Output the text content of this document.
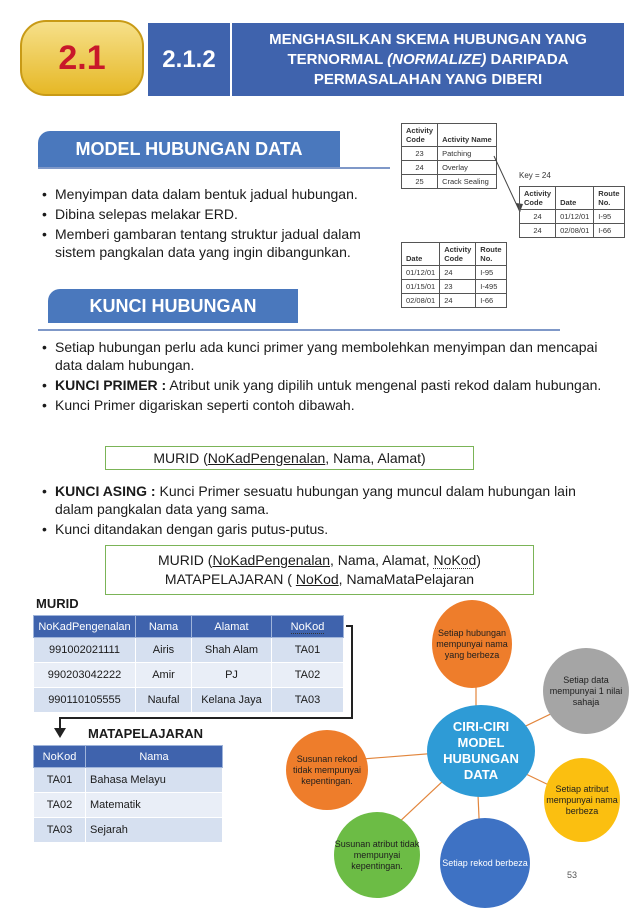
2.1	2.1.2
MENGHASILKAN SKEMA HUBUNGAN YANG TERNORMAL (NORMALIZE) DARIPADA PERMASALAHAN YANG DIBERI
MODEL HUBUNGAN DATA
• Menyimpan data dalam bentuk jadual hubungan.
• Dibina selepas melakar ERD.
• Memberi gambaran tentang struktur jadual dalam sistem pangkalan data yang ingin dibangunkan.
Activity Code	Activity Name
23	Patching
24	Overlay
25	Crack Sealing
Key = 24
Activity Code	Date	Route No.
24	01/12/01	I-95
24	02/08/01	I-66
Date	Activity Code	Route No.
01/12/01	24	I-95
01/15/01	23	I-495
02/08/01	24	I-66
KUNCI HUBUNGAN
• Setiap hubungan perlu ada kunci primer yang membolehkan menyimpan dan mencapai data dalam hubungan.
• KUNCI PRIMER : Atribut unik yang dipilih untuk mengenal pasti rekod dalam hubungan.
• Kunci Primer digariskan seperti contoh dibawah.
MURID (NoKadPengenalan, Nama, Alamat)
• KUNCI ASING : Kunci Primer sesuatu hubungan yang muncul dalam hubungan lain dalam pangkalan data yang sama.
• Kunci ditandakan dengan garis putus-putus.
MURID (NoKadPengenalan, Nama, Alamat, NoKod)
MATAPELAJARAN ( NoKod, NamaMataPelajaran
MURID
NoKadPengenalan	Nama	Alamat	NoKod
991002021111	Airis	Shah Alam	TA01
990203042222	Amir	PJ	TA02
990110105555	Naufal	Kelana Jaya	TA03
MATAPELAJARAN
NoKod	Nama
TA01	Bahasa Melayu
TA02	Matematik
TA03	Sejarah
Setiap hubungan mempunyai nama yang berbeza
Setiap data mempunyai 1 nilai sahaja
Setiap atribut mempunyai nama berbeza
Setiap rekod berbeza
Susunan atribut tidak mempunyai kepentingan.
Susunan rekod tidak mempunyai kepentingan.
CIRI-CIRI MODEL HUBUNGAN DATA
53
